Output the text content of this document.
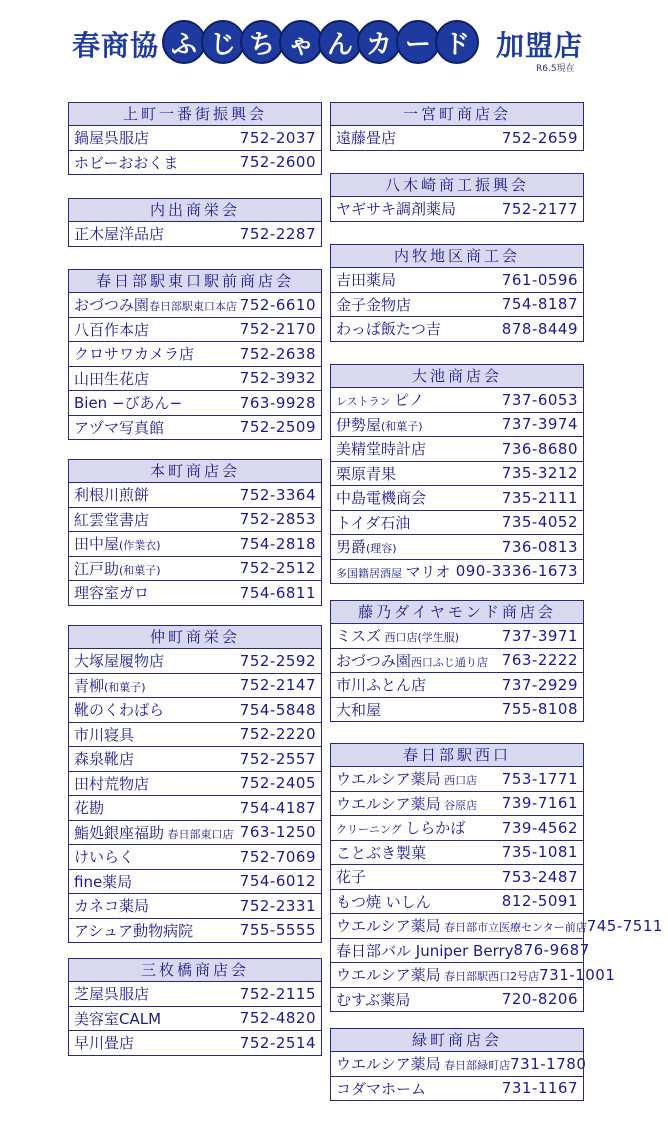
春商協 ふ じ ち ゃ ん カ ー ド 加盟店
R6.5現在
上町一番街振興会
鍋屋呉服店	752-2037
ホビーおおくま	752-2600
内出商栄会
正木屋洋品店	752-2287
春日部駅東口駅前商店会
おづつみ園春日部駅東口本店 752-6610
八百作本店	752-2170
クロサワカメラ店	752-2638
山田生花店	752-3932
Bien −びあん−	763-9928
アヅマ写真館	752-2509
本町商店会
利根川煎餅	752-3364
紅雲堂書店	752-2853
田中屋(作業衣)	754-2818
江戸助(和菓子)	752-2512
理容室ガロ	754-6811
仲町商栄会
大塚屋履物店	752-2592
青柳(和菓子)	752-2147
靴のくわばら	754-5848
市川寝具	752-2220
森泉靴店	752-2557
田村荒物店	752-2405
花勘	754-4187
鮨処銀座福助 春日部東口店 763-1250
けいらく	752-7069
fine薬局	754-6012
カネコ薬局	752-2331
アシュア動物病院	755-5555
三枚橋商店会
芝屋呉服店	752-2115
美容室CALM	752-4820
早川畳店	752-2514
一宮町商店会
遠藤畳店	752-2659
八木崎商工振興会
ヤギサキ調剤薬局	752-2177
内牧地区商工会
吉田薬局	761-0596
金子金物店	754-8187
わっぱ飯たつ吉	878-8449
大池商店会
レストラン ピノ	737-6053
伊勢屋(和菓子)	737-3974
美精堂時計店	736-8680
栗原青果	735-3212
中島電機商会	735-2111
トイダ石油	735-4052
男爵(理容)	736-0813
多国籍居酒屋 マリオ 090-3336-1673
藤乃ダイヤモンド商店会
ミスズ 西口店(学生服)	737-3971
おづつみ園西口ふじ通り店 763-2222
市川ふとん店	737-2929
大和屋	755-8108
春日部駅西口
ウエルシア薬局 西口店 753-1771
ウエルシア薬局 谷原店 739-7161
クリーニング しらかば 739-4562
ことぶき製菓	735-1081
花子	753-2487
もつ焼 いしん	812-5091
ウエルシア薬局 春日部市立医療センター前店 745-7511
春日部バル Juniper Berry 876-9687
ウエルシア薬局 春日部駅西口2号店 731-1001
むすぶ薬局	720-8206
緑町商店会
ウエルシア薬局 春日部緑町店 731-1780
コダマホーム	731-1167
